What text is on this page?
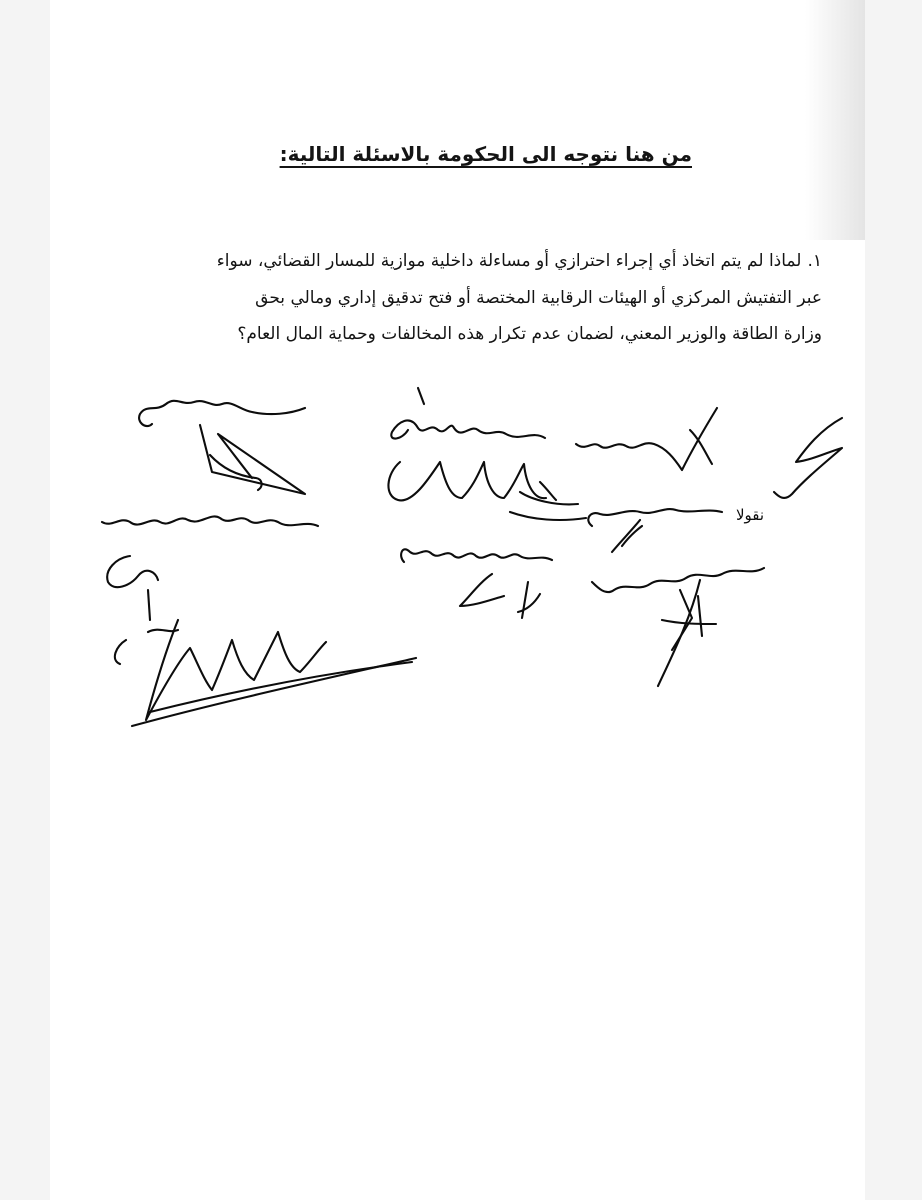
من هنا نتوجه الى الحكومة بالاسئلة التالية:

١.لماذا لم يتم اتخاذ أي إجراء احترازي أو مساءلة داخلية موازية للمسار القضائي، سواء عبر التفتيش المركزي أو الهيئات الرقابية المختصة أو فتح تدقيق إداري ومالي بحق وزارة الطاقة والوزير المعني، لضمان عدم تكرار هذه المخالفات وحماية المال العام؟

نقولا
